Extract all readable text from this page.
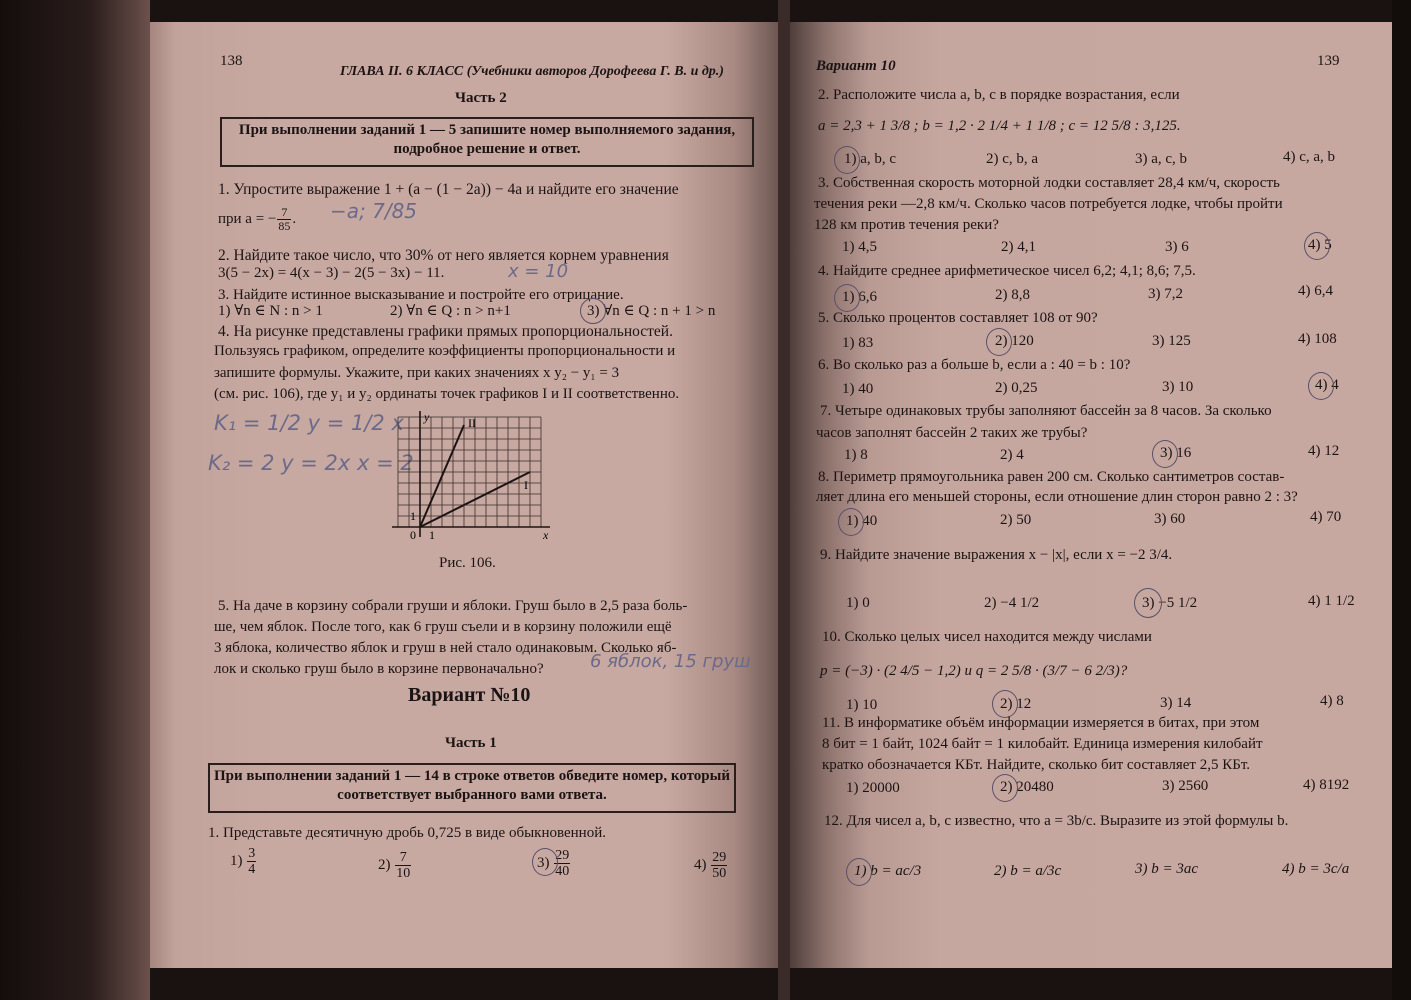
138
ГЛАВА II. 6 КЛАСС (Учебники авторов Дорофеева Г. В. и др.)
Часть 2
При выполнении заданий 1 — 5 запишите номер выполняемого задания, подробное решение и ответ.
1. Упростите выражение 1 + (a − (1 − 2a)) − 4a и найдите его значение
при a = − $\frac{7}{85}$ . −a; 7/85
2. Найдите такое число, что 30% от него является корнем уравнения
3(5 − 2x) = 4(x − 3) − 2(5 − 3x) − 11.	x = 10
3. Найдите истинное высказывание и постройте его отрицание.
1) ∀n ∈ N : n > 1	2) ∀n ∈ Q : n > n+1	3) ∀n ∈ Q : n + 1 > n
4. На рисунке представлены графики прямых пропорциональностей.
Пользуясь графиком, определите коэффициенты пропорциональности и
запишите формулы. Укажите, при каких значениях x y₂ − y₁ = 3
(см. рис. 106), где y₁ и y₂ ординаты точек графиков I и II соответственно.
K₁ = 1/2 y = 1/2 x
K₂ = 2 y = 2x x = 2
y
x
0 1
1
II
I
Рис. 106.
5. На даче в корзину собрали груши и яблоки. Груш было в 2,5 раза боль-
ше, чем яблок. После того, как 6 груш съели и в корзину положили ещё
3 яблока, количество яблок и груш в ней стало одинаковым. Сколько яб-
лок и сколько груш было в корзине первоначально?	6 яблок, 15 груш
Вариант №10
Часть 1
При выполнении заданий 1 — 14 в строке ответов обведите номер, который соответствует выбранного вами ответа.
1. Представьте десятичную дробь 0,725 в виде обыкновенной.
$1) \frac{3}{4}$	$2) \frac{7}{10}$	$3) \frac{29}{40}$	$4) \frac{29}{50}$
Вариант 10	139
2. Расположите числа a, b, c в порядке возрастания, если
a = 2,3 + 1 3/8 ; b = 1,2 · 2 1/4 + 1 1/8 ; c = 12 5/8 : 3,125.
1) a, b, c	2) c, b, a	3) a, c, b	4) c, a, b
3. Собственная скорость моторной лодки составляет 28,4 км/ч, скорость
течения реки —2,8 км/ч. Сколько часов потребуется лодке, чтобы пройти
128 км против течения реки?
1) 4,5	2) 4,1	3) 6	4) 5
4. Найдите среднее арифметическое чисел 6,2; 4,1; 8,6; 7,5.
1) 6,6	2) 8,8	3) 7,2	4) 6,4
5. Сколько процентов составляет 108 от 90?
1) 83	2) 120	3) 125	4) 108
6. Во сколько раз a больше b, если a : 40 = b : 10?
1) 40	2) 0,25	3) 10	4) 4
7. Четыре одинаковых трубы заполняют бассейн за 8 часов. За сколько
часов заполнят бассейн 2 таких же трубы?
1) 8	2) 4	3) 16	4) 12
8. Периметр прямоугольника равен 200 см. Сколько сантиметров состав-
ляет длина его меньшей стороны, если отношение длин сторон равно 2 : 3?
1) 40	2) 50	3) 60	4) 70
9. Найдите значение выражения x − |x|, если x = −2 3/4.
1) 0	2) −4 1/2	3) −5 1/2	4) 1 1/2
10. Сколько целых чисел находится между числами
p = (−3) · (2 4/5 − 1,2) и q = 2 5/8 · (3/7 − 6 2/3)?
1) 10	2) 12	3) 14	4) 8
11. В информатике объём информации измеряется в битах, при этом
8 бит = 1 байт, 1024 байт = 1 килобайт. Единица измерения килобайт
кратко обозначается КБт. Найдите, сколько бит составляет 2,5 КБт.
1) 20000	2) 20480	3) 2560	4) 8192
12. Для чисел a, b, c известно, что a = 3b/c. Выразите из этой формулы b.
1) b = ac/3	2) b = a/3c	3) b = 3ac	4) b = 3c/a
